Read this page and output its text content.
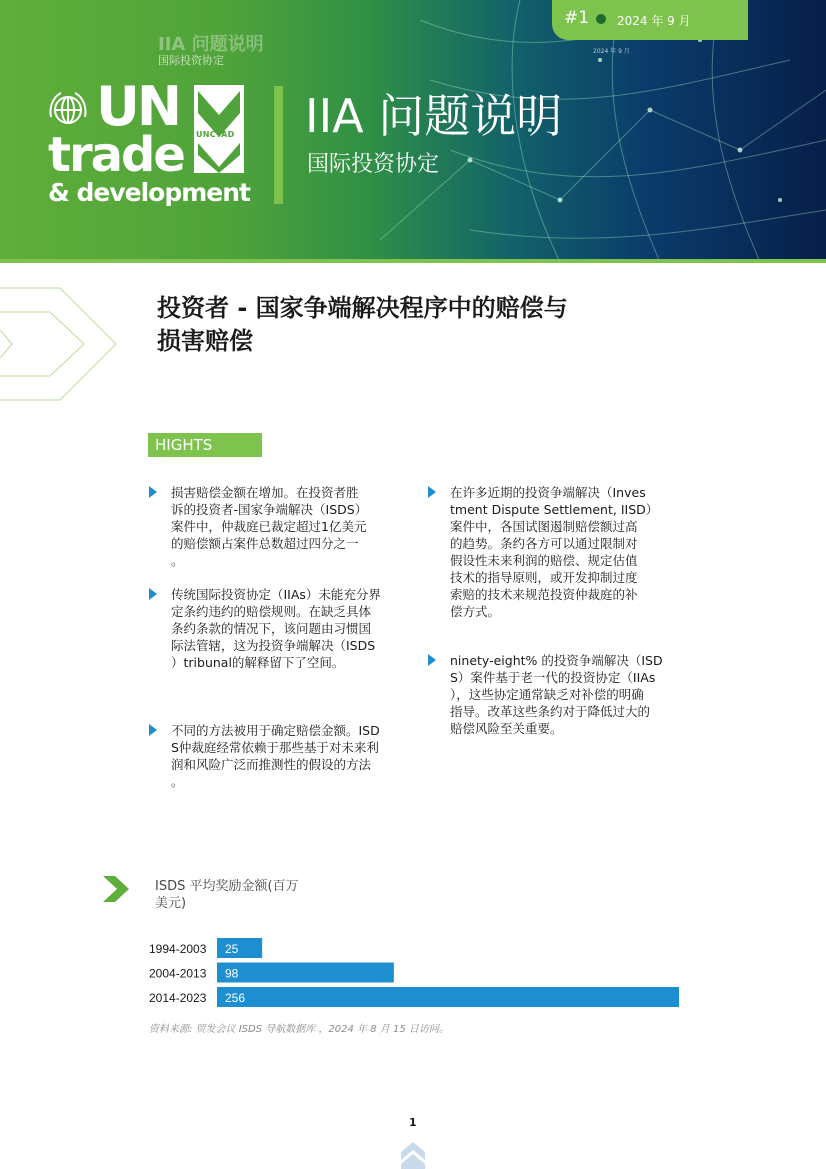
IIA 问题说明
国际投资协定
UN
trade
& development
UNCTAD IIA 问题说明
国际投资协定
#1 2024 年 9 月
2024 年 9 月
投资者 - 国家争端解决程序中的赔偿与
损害赔偿
HIGHTS
损害赔偿金额在增加。在投资者胜
诉的投资者-国家争端解决（ISDS）
案件中，仲裁庭已裁定超过1亿美元
的赔偿额占案件总数超过四分之一
。
传统国际投资协定（IIAs）未能充分界
定条约违约的赔偿规则。在缺乏具体
条约条款的情况下，该问题由习惯国
际法管辖，这为投资争端解决（ISDS
）tribunal的解释留下了空间。
不同的方法被用于确定赔偿金额。ISD
S仲裁庭经常依赖于那些基于对未来利
润和风险广泛而推测性的假设的方法
。
在许多近期的投资争端解决（Inves
tment Dispute Settlement, IISD）
案件中，各国试图遏制赔偿额过高
的趋势。条约各方可以通过限制对
假设性未来利润的赔偿、规定估值
技术的指导原则，或开发抑制过度
索赔的技术来规范投资仲裁庭的补
偿方式。
ninety-eight% 的投资争端解决（ISD
S）案件基于老一代的投资协定（IIAs
），这些协定通常缺乏对补偿的明确
指导。改革这些条约对于降低过大的
赔偿风险至关重要。
ISDS 平均奖励金额(百万
美元)
1994-2003 25
2004-2013 98
2014-2023 256
资料来源: 贸发会议 ISDS 导航数据库 ，2024 年 8 月 15 日访问。
1
